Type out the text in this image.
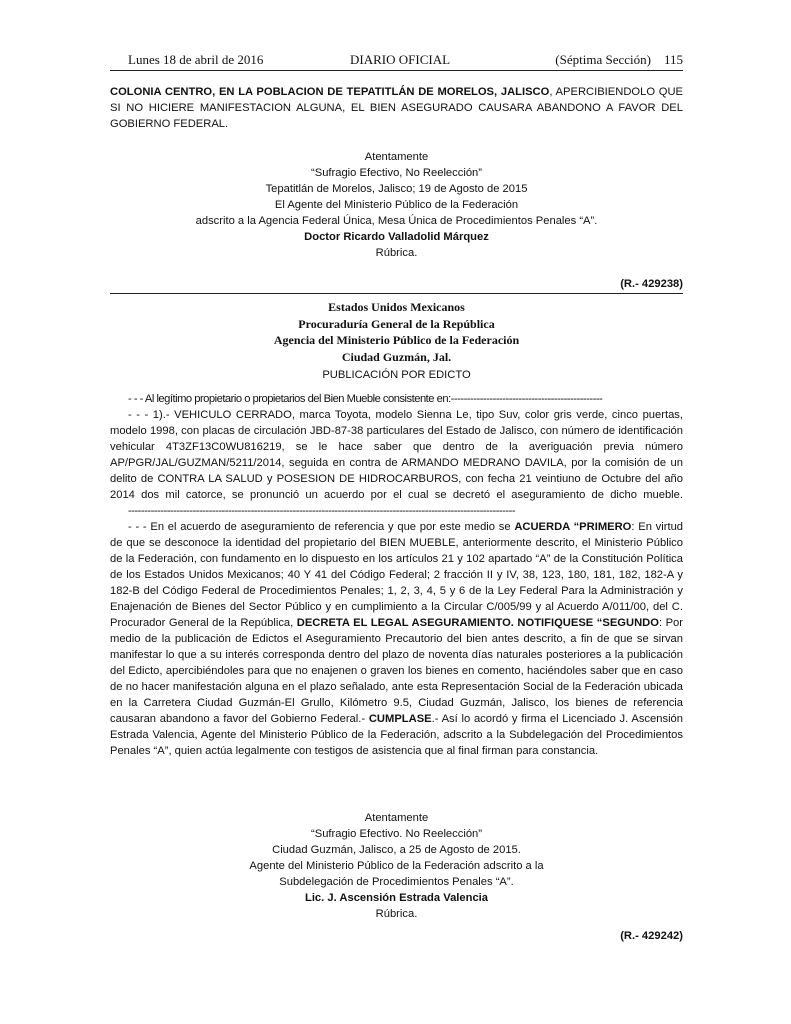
Lunes 18 de abril de 2016	DIARIO OFICIAL	(Séptima Sección) 115

COLONIA CENTRO, EN LA POBLACION DE TEPATITLÁN DE MORELOS, JALISCO, APERCIBIENDOLO QUE SI NO HICIERE MANIFESTACION ALGUNA, EL BIEN ASEGURADO CAUSARA ABANDONO A FAVOR DEL GOBIERNO FEDERAL.

Atentamente

“Sufragio Efectivo, No Reelección”

Tepatitlán de Morelos, Jalisco; 19 de Agosto de 2015

El Agente del Ministerio Público de la Federación

adscrito a la Agencia Federal Única, Mesa Única de Procedimientos Penales “A”.

Doctor Ricardo Valladolid Márquez

Rúbrica.

(R.- 429238)

Estados Unidos Mexicanos

Procuraduría General de la República

Agencia del Ministerio Público de la Federación

Ciudad Guzmán, Jal.

PUBLICACIÓN POR EDICTO

- - - Al legítimo propietario o propietarios del Bien Mueble consistente en:-----------------------------------------------

- - - 1).- VEHICULO CERRADO, marca Toyota, modelo Sienna Le, tipo Suv, color gris verde, cinco puertas, modelo 1998, con placas de circulación JBD-87-38 particulares del Estado de Jalisco, con número de identificación vehicular 4T3ZF13C0WU816219, se le hace saber que dentro de la averiguación previa número AP/PGR/JAL/GUZMAN/5211/2014, seguida en contra de ARMANDO MEDRANO DAVILA, por la comisión de un delito de CONTRA LA SALUD y POSESION DE HIDROCARBUROS, con fecha 21 veintiuno de Octubre del año 2014 dos mil catorce, se pronunció un acuerdo por el cual se decretó el aseguramiento de dicho mueble.------------------------------------------------------------------------------------------------------------------------

- - - En el acuerdo de aseguramiento de referencia y que por este medio se ACUERDA “PRIMERO: En virtud de que se desconoce la identidad del propietario del BIEN MUEBLE, anteriormente descrito, el Ministerio Público de la Federación, con fundamento en lo dispuesto en los artículos 21 y 102 apartado “A” de la Constitución Política de los Estados Unidos Mexicanos; 40 Y 41 del Código Federal; 2 fracción II y IV, 38, 123, 180, 181, 182, 182-A y 182-B del Código Federal de Procedimientos Penales; 1, 2, 3, 4, 5 y 6 de la Ley Federal Para la Administración y Enajenación de Bienes del Sector Público y en cumplimiento a la Circular C/005/99 y al Acuerdo A/011/00, del C. Procurador General de la República, DECRETA EL LEGAL ASEGURAMIENTO. NOTIFIQUESE “SEGUNDO: Por medio de la publicación de Edictos el Aseguramiento Precautorio del bien antes descrito, a fin de que se sirvan manifestar lo que a su interés corresponda dentro del plazo de noventa días naturales posteriores a la publicación del Edicto, apercibiéndoles para que no enajenen o graven los bienes en comento, haciéndoles saber que en caso de no hacer manifestación alguna en el plazo señalado, ante esta Representación Social de la Federación ubicada en la Carretera Ciudad Guzmán-El Grullo, Kilómetro 9.5, Ciudad Guzmán, Jalisco, los bienes de referencia causaran abandono a favor del Gobierno Federal.- CUMPLASE.- Así lo acordó y firma el Licenciado J. Ascensión Estrada Valencia, Agente del Ministerio Público de la Federación, adscrito a la Subdelegación del Procedimientos Penales “A”, quien actúa legalmente con testigos de asistencia que al final firman para constancia.

Atentamente

“Sufragio Efectivo. No Reelección”

Ciudad Guzmán, Jalisco, a 25 de Agosto de 2015.

Agente del Ministerio Público de la Federación adscrito a la

Subdelegación de Procedimientos Penales “A”.

Lic. J. Ascensión Estrada Valencia

Rúbrica.

(R.- 429242)
